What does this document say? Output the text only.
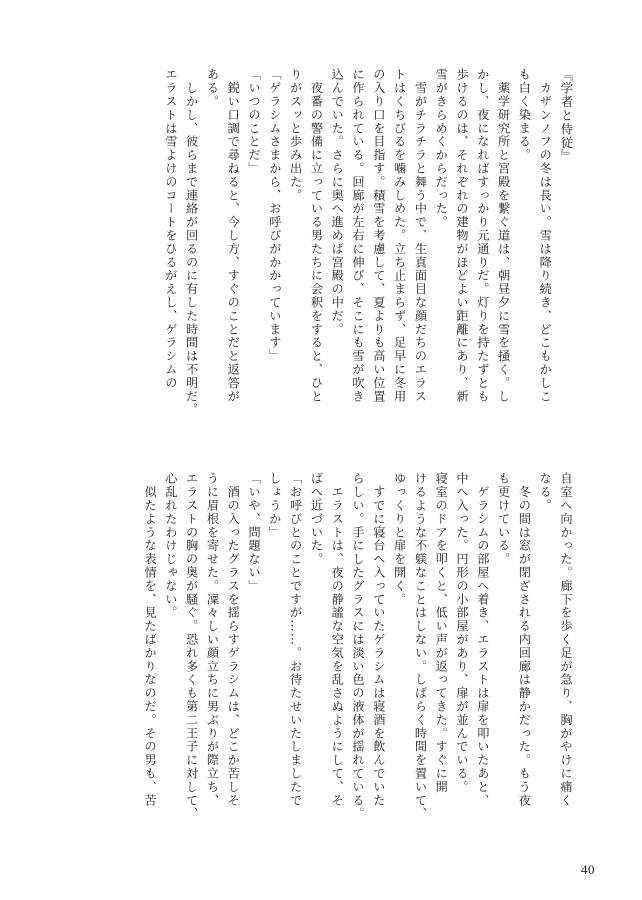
『学者と侍従』
　カザンノフの冬は長い。雪は降り続き、どこもかしこ
も白く染まる。
　薬学研究所と宮殿を繋ぐ道は、朝昼夕に雪を掻く。し
かし、夜になればすっかり元通りだ。灯りを持たずとも
歩けるのは、それぞれの建物がほどよい距離にあり、新
雪がきらめくからだった。
　雪がチラチラと舞う中で、生真面目な顔だちのエラス
トはくちびるを噛みしめた。立ち止まらず、足早に冬用
の入り口を目指す。積雪を考慮して、夏よりも高い位置
に作られている。回廊が左右に伸び、そこにも雪が吹き
込んでいた。さらに奥へ進めば宮殿の中だ。
　夜番の警備に立っている男たちに会釈をすると、ひと
りがスッと歩み出た。
「ゲラシムさまから、お呼びがかかっています」
「いつのことだ」
　鋭い口調で尋ねると、今し方、すぐのことだと返答が
ある。
　しかし、彼らまで連絡が回るのに有した時間は不明だ。
エラストは雪よけのコートをひるがえし、ゲラシムの
自室へ向かった。廊下を歩く足が急り、胸がやけに痛く
なる。
　冬の間は窓が閉ざされる内回廊は静かだった。もう夜
も更けている。
　ゲラシムの部屋へ着き、エラストは扉を叩いたあと、
中へ入った。円形の小部屋があり、扉が並んでいる。
寝室のドアを叩くと、低い声が返ってきた。すぐに開
けるような不躾なことはしない。しばらく時間を置いて、
ゆっくりと扉を開く。
　すでに寝台へ入っていたゲラシムは寝酒を飲んでいた
らしい。手にしたグラスには淡い色の液体が揺れている。
　エラストは、夜の静謐な空気を乱さぬようにして、そ
ばへ近づいた。
「お呼びとのことですが……。お待たせいたしましたで
しょうか」
「いや、問題ない」
　酒の入ったグラスを揺らすゲラシムは、どこか苦しそ
うに眉根を寄せた。凜々しい顔立ちに男ぶりが際立ち、
エラストの胸の奥が騒ぐ。恐れ多くも第二王子に対して、
心乱れたわけじゃない。
　似たような表情を、見たばかりなのだ。その男も、苦
40
